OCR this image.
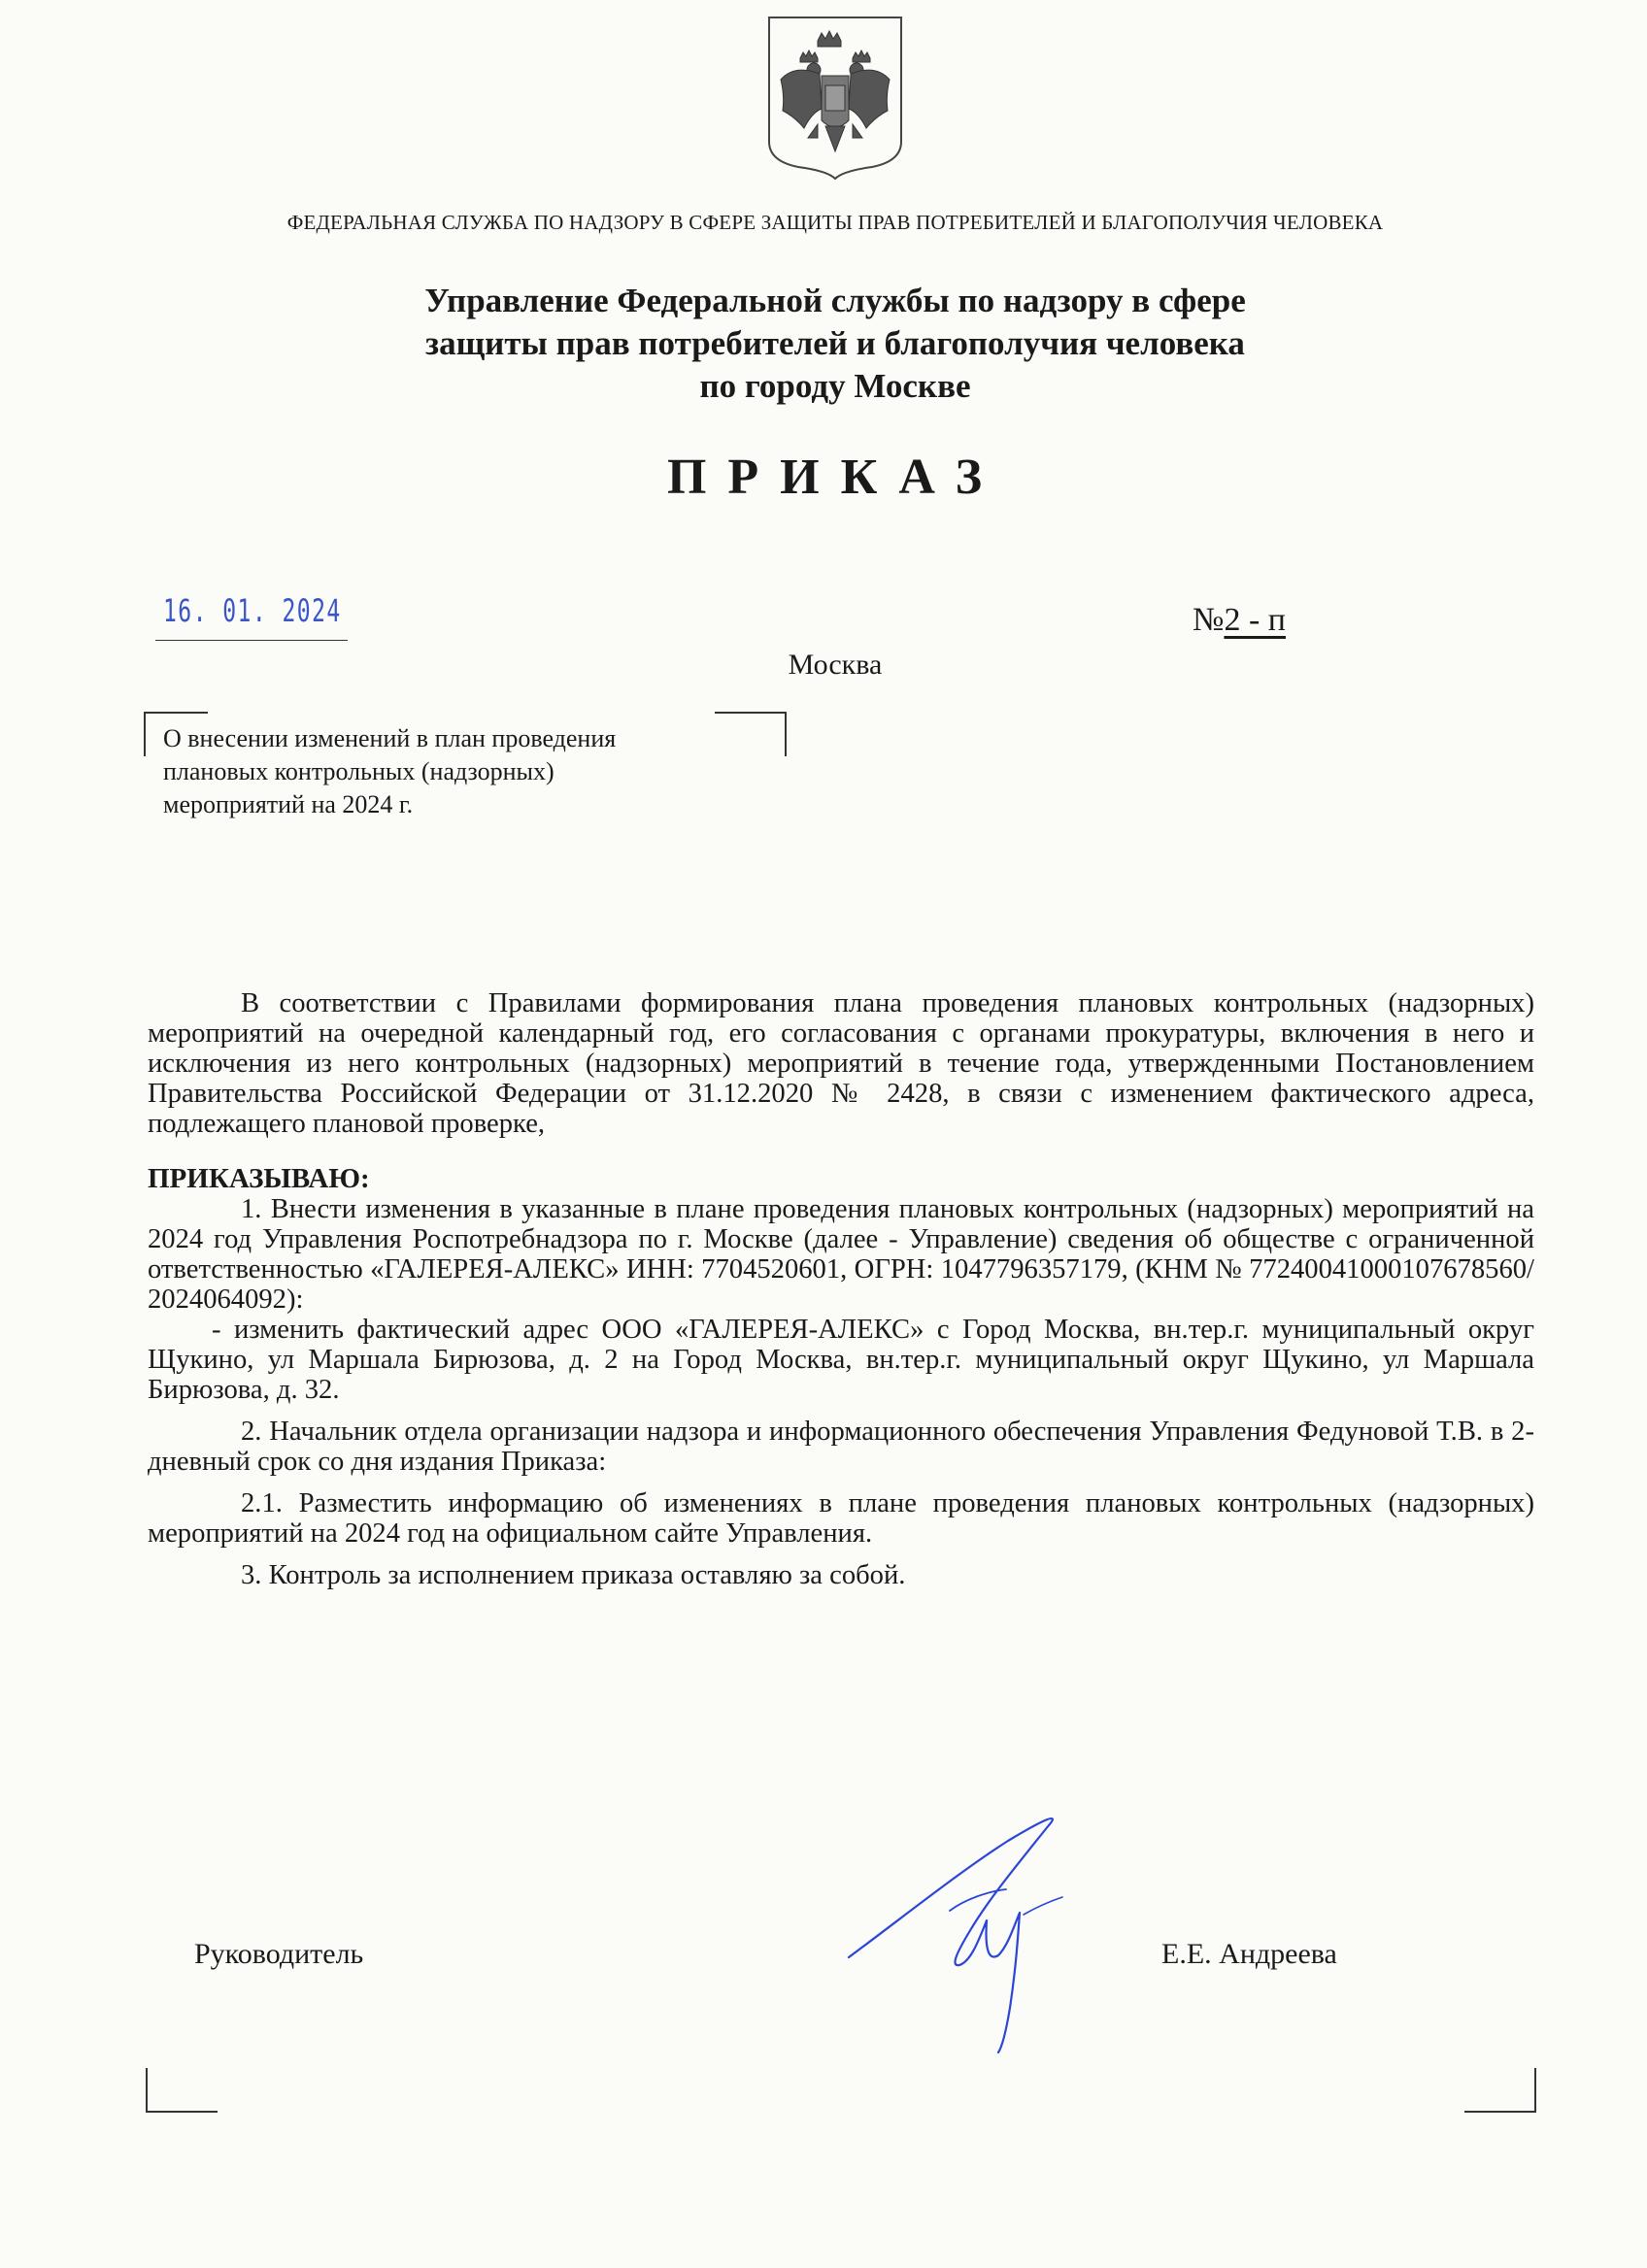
ФЕДЕРАЛЬНАЯ СЛУЖБА ПО НАДЗОРУ В СФЕРЕ ЗАЩИТЫ ПРАВ ПОТРЕБИТЕЛЕЙ И БЛАГОПОЛУЧИЯ ЧЕЛОВЕКА
Управление Федеральной службы по надзору в сфере
защиты прав потребителей и благополучия человека
по городу Москве
ПРИКАЗ
16. 01. 2024	№2 - п
Москва
О внесении изменений в план проведения
плановых контрольных (надзорных)
мероприятий на 2024 г.

В соответствии с Правилами формирования плана проведения плановых контрольных (надзорных) мероприятий на очередной календарный год, его согласования с органами прокуратуры, включения в него и исключения из него контрольных (надзорных) мероприятий в течение года, утвержденными Постановлением Правительства Российской Федерации от 31.12.2020 № 2428, в связи с изменением фактического адреса, подлежащего плановой проверке,

ПРИКАЗЫВАЮ:

1. Внести изменения в указанные в плане проведения плановых контрольных (надзорных) мероприятий на 2024 год Управления Роспотребнадзора по г. Москве (далее - Управление) сведения об обществе с ограниченной ответственностью «ГАЛЕРЕЯ-АЛЕКС» ИНН: 7704520601, ОГРН: 1047796357179, (КНМ № 77240041000107678560/ 2024064092):

- изменить фактический адрес ООО «ГАЛЕРЕЯ-АЛЕКС» с Город Москва, вн.тер.г. муниципальный округ Щукино, ул Маршала Бирюзова, д. 2 на Город Москва, вн.тер.г. муниципальный округ Щукино, ул Маршала Бирюзова, д. 32.

2. Начальник отдела организации надзора и информационного обеспечения Управления Федуновой Т.В. в 2-дневный срок со дня издания Приказа:

2.1. Разместить информацию об изменениях в плане проведения плановых контрольных (надзорных) мероприятий на 2024 год на официальном сайте Управления.

3. Контроль за исполнением приказа оставляю за собой.

Руководитель	Е.Е. Андреева
